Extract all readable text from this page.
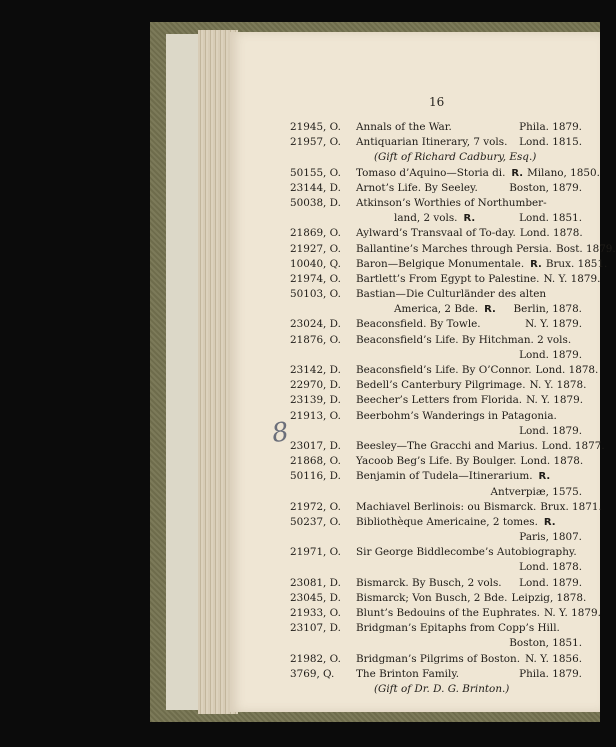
16
8
21945, O. Annals of the War.	Phila. 1879.
21957, O. Antiquarian Itinerary, 7 vols.	Lond. 1815.
(Gift of Richard Cadbury, Esq.)
50155, O. Tomaso d’Aquino—Storia di. R. Milano, 1850.
23144, D. Arnot’s Life. By Seeley.	Boston, 1879.
50038, D. Atkinson’s Worthies of Northumber-
land, 2 vols. R.	Lond. 1851.
21869, O. Aylward’s Transvaal of To-day. Lond. 1878.
21927, O. Ballantine’s Marches through Persia. Bost. 1879.
10040, Q. Baron—Belgique Monumentale. R. Brux. 1851.
21974, O. Bartlett’s From Egypt to Palestine. N. Y. 1879.
50103, O. Bastian—Die Culturländer des alten
America, 2 Bde. R.	Berlin, 1878.
23024, D. Beaconsfield. By Towle.	N. Y. 1879.
21876, O. Beaconsfield’s Life. By Hitchman. 2 vols.
Lond. 1879.
23142, D. Beaconsfield’s Life. By O’Connor. Lond. 1878.
22970, D. Bedell’s Canterbury Pilgrimage. N. Y. 1878.
23139, D. Beecher’s Letters from Florida. N. Y. 1879.
21913, O. Beerbohm’s Wanderings in Patagonia.
Lond. 1879.
23017, D. Beesley—The Gracchi and Marius. Lond. 1877.
21868, O. Yacoob Beg’s Life. By Boulger. Lond. 1878.
50116, D. Benjamin of Tudela—Itinerarium. R.
Antverpiæ, 1575.
21972, O. Machiavel Berlinois: ou Bismarck. Brux. 1871.
50237, O. Bibliothèque Americaine, 2 tomes. R.
Paris, 1807.
21971, O. Sir George Biddlecombe’s Autobiography.
Lond. 1878.
23081, D. Bismarck. By Busch, 2 vols.	Lond. 1879.
23045, D. Bismarck; Von Busch, 2 Bde. Leipzig, 1878.
21933, O. Blunt’s Bedouins of the Euphrates. N. Y. 1879.
23107, D. Bridgman’s Epitaphs from Copp’s Hill.
Boston, 1851.
21982, O. Bridgman’s Pilgrims of Boston. N. Y. 1856.
3769, Q. The Brinton Family.	Phila. 1879.
(Gift of Dr. D. G. Brinton.)
